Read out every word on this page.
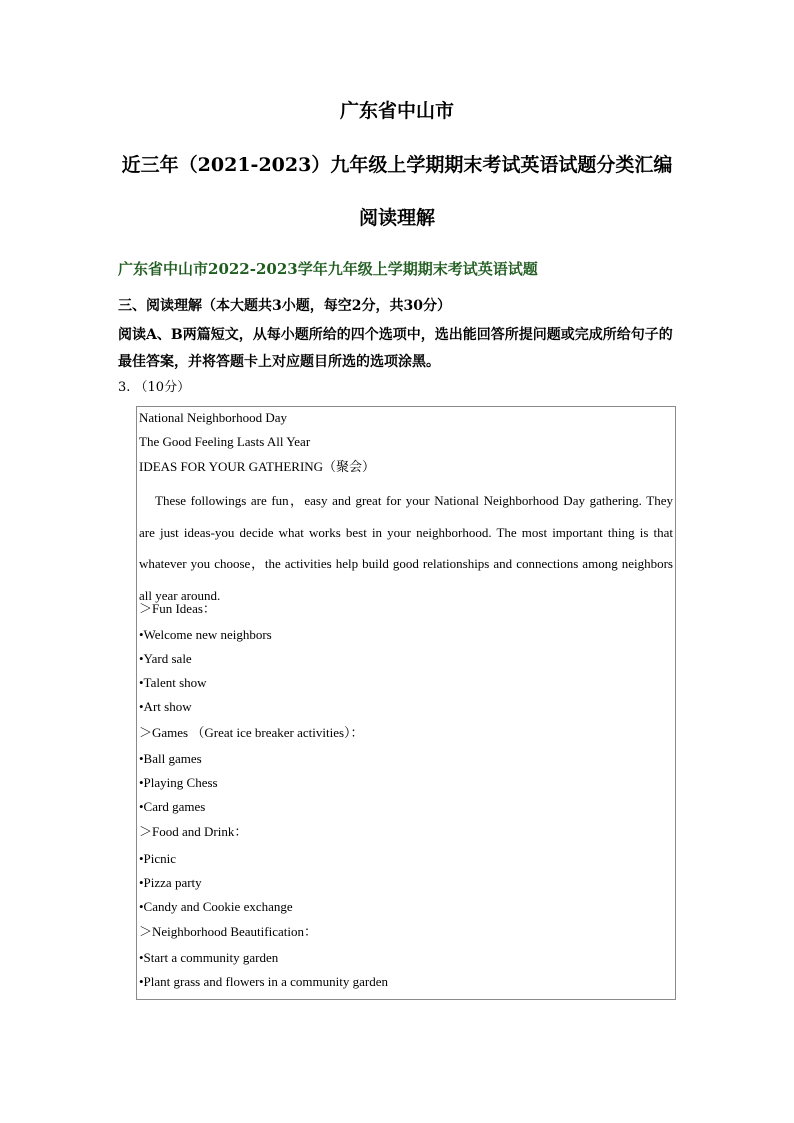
广东省中山市
近三年（2021-2023）九年级上学期期末考试英语试题分类汇编
阅读理解
广东省中山市2022-2023学年九年级上学期期末考试英语试题
三、阅读理解（本大题共3小题，每空2分，共30分）
阅读A、B两篇短文，从每小题所给的四个选项中，选出能回答所提问题或完成所给句子的最佳答案，并将答题卡上对应题目所选的选项涂黑。
3. （10分）
National Neighborhood Day
The Good Feeling Lasts All Year
IDEAS FOR YOUR GATHERING（聚会）
These followings are fun，easy and great for your National Neighborhood Day gathering. They are just ideas-you decide what works best in your neighborhood. The most important thing is that whatever you choose，the activities help build good relationships and connections among neighbors all year around.
＞Fun Ideas：
•Welcome new neighbors
•Yard sale
•Talent show
•Art show
＞Games （Great ice breaker activities）：
•Ball games
•Playing Chess
•Card games
＞Food and Drink：
•Picnic
•Pizza party
•Candy and Cookie exchange
＞Neighborhood Beautification：
•Start a community garden
•Plant grass and flowers in a community garden
